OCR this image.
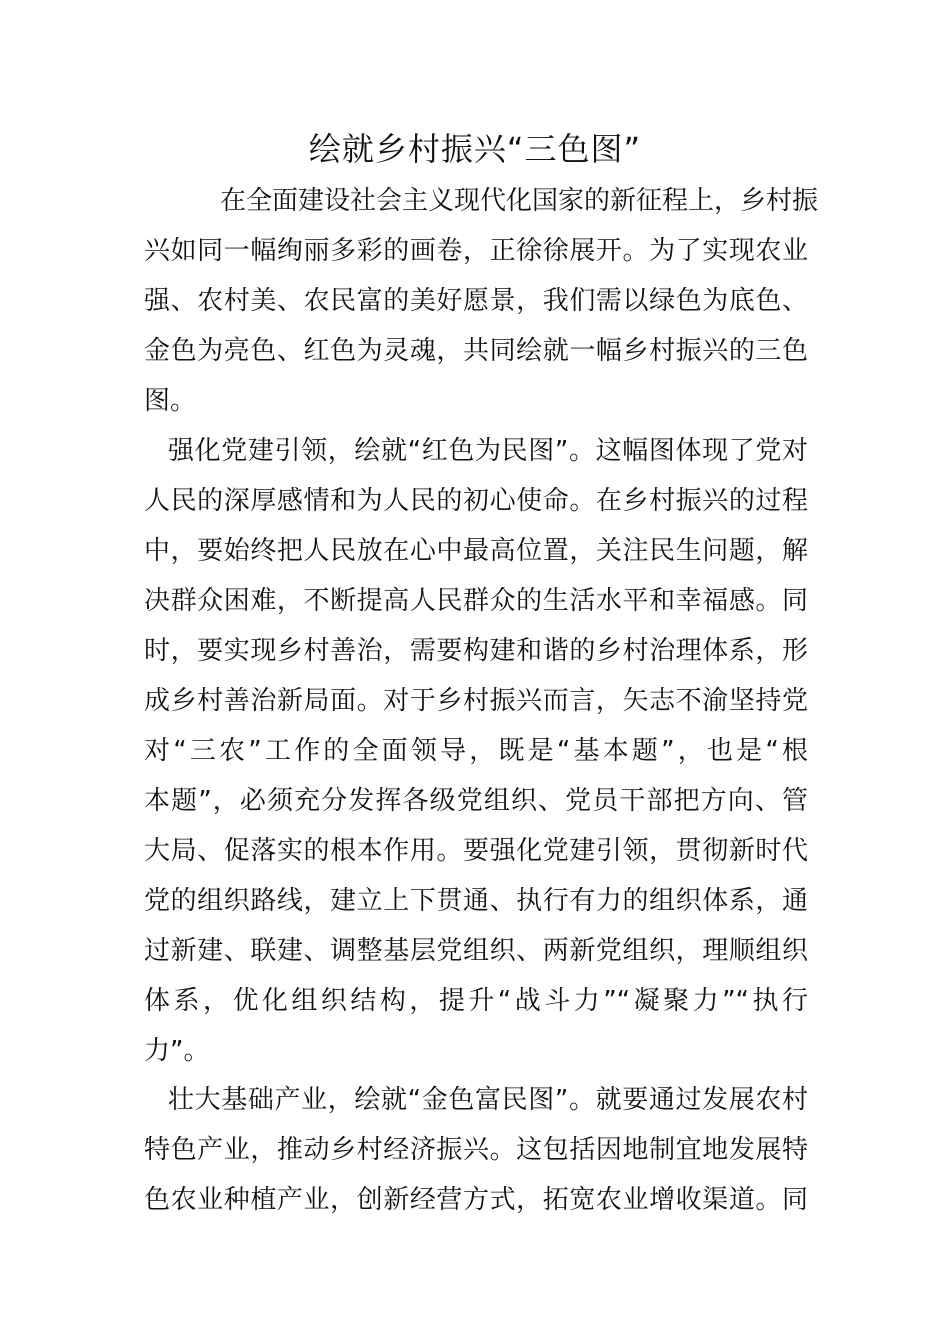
绘就乡村振兴“三色图”

在全面建设社会主义现代化国家的新征程上，乡村振

兴如同一幅绚丽多彩的画卷，正徐徐展开。为了实现农业

强、农村美、农民富的美好愿景，我们需以绿色为底色、

金色为亮色、红色为灵魂，共同绘就一幅乡村振兴的三色

图。

强化党建引领，绘就“红色为民图”。这幅图体现了党对

人民的深厚感情和为人民的初心使命。在乡村振兴的过程

中，要始终把人民放在心中最高位置，关注民生问题，解

决群众困难，不断提高人民群众的生活水平和幸福感。同

时，要实现乡村善治，需要构建和谐的乡村治理体系，形

成乡村善治新局面。对于乡村振兴而言，矢志不渝坚持党

对“三农”工作的全面领导，既是“基本题”，也是“根

本题”，必须充分发挥各级党组织、党员干部把方向、管

大局、促落实的根本作用。要强化党建引领，贯彻新时代

党的组织路线，建立上下贯通、执行有力的组织体系，通

过新建、联建、调整基层党组织、两新党组织，理顺组织

体系，优化组织结构，提升“战斗力”“凝聚力”“执行

力”。

壮大基础产业，绘就“金色富民图”。就要通过发展农村

特色产业，推动乡村经济振兴。这包括因地制宜地发展特

色农业种植产业，创新经营方式，拓宽农业增收渠道。同
